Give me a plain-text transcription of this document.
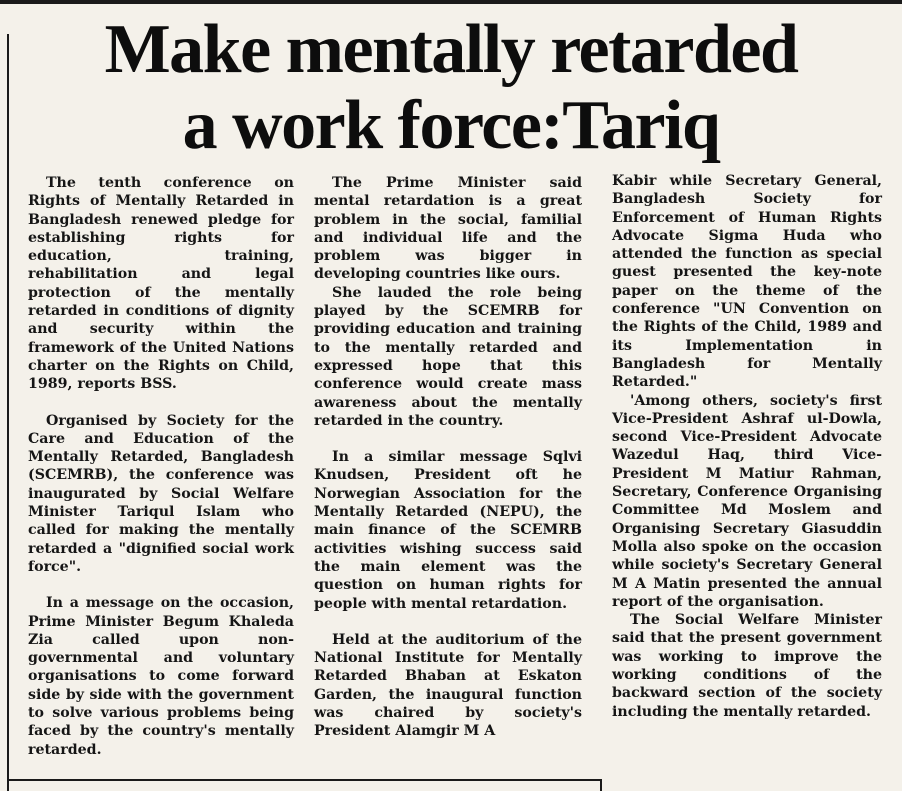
Make mentally retarded
a work force:Tariq

The tenth conference on Rights of Mentally Retarded in Bangladesh renewed pledge for establishing rights for education, training, rehabilitation and legal protection of the mentally retarded in conditions of dignity and security within the framework of the United Nations charter on the Rights on Child, 1989, reports BSS.

Organised by Society for the Care and Education of the Mentally Retarded, Bangladesh (SCEMRB), the conference was inaugurated by Social Welfare Minister Tariqul Islam who called for making the mentally retarded a "dignified social work force".

In a message on the occasion, Prime Minister Begum Khaleda Zia called upon non-governmental and voluntary organisations to come forward side by side with the government to solve various problems being faced by the country's mentally retarded.

The Prime Minister said mental retardation is a great problem in the social, familial and individual life and the problem was bigger in developing countries like ours.

She lauded the role being played by the SCEMRB for providing education and training to the mentally retarded and expressed hope that this conference would create mass awareness about the mentally retarded in the country.

In a similar message Sqlvi Knudsen, President oft he Norwegian Association for the Mentally Retarded (NEPU), the main finance of the SCEMRB activities wishing success said the main element was the question on human rights for people with mental retardation.

Held at the auditorium of the National Institute for Mentally Retarded Bhaban at Eskaton Garden, the inaugural function was chaired by society's President Alamgir M A

Kabir while Secretary General, Bangladesh Society for Enforcement of Human Rights Advocate Sigma Huda who attended the function as special guest presented the key-note paper on the theme of the conference "UN Convention on the Rights of the Child, 1989 and its Implementation in Bangladesh for Mentally Retarded."

'Among others, society's first Vice-President Ashraf ul-Dowla, second Vice-President Advocate Wazedul Haq, third Vice-President M Matiur Rahman, Secretary, Conference Organising Committee Md Moslem and Organising Secretary Giasuddin Molla also spoke on the occasion while society's Secretary General M A Matin presented the annual report of the organisation.

The Social Welfare Minister said that the present government was working to improve the working conditions of the backward section of the society including the mentally retarded.
